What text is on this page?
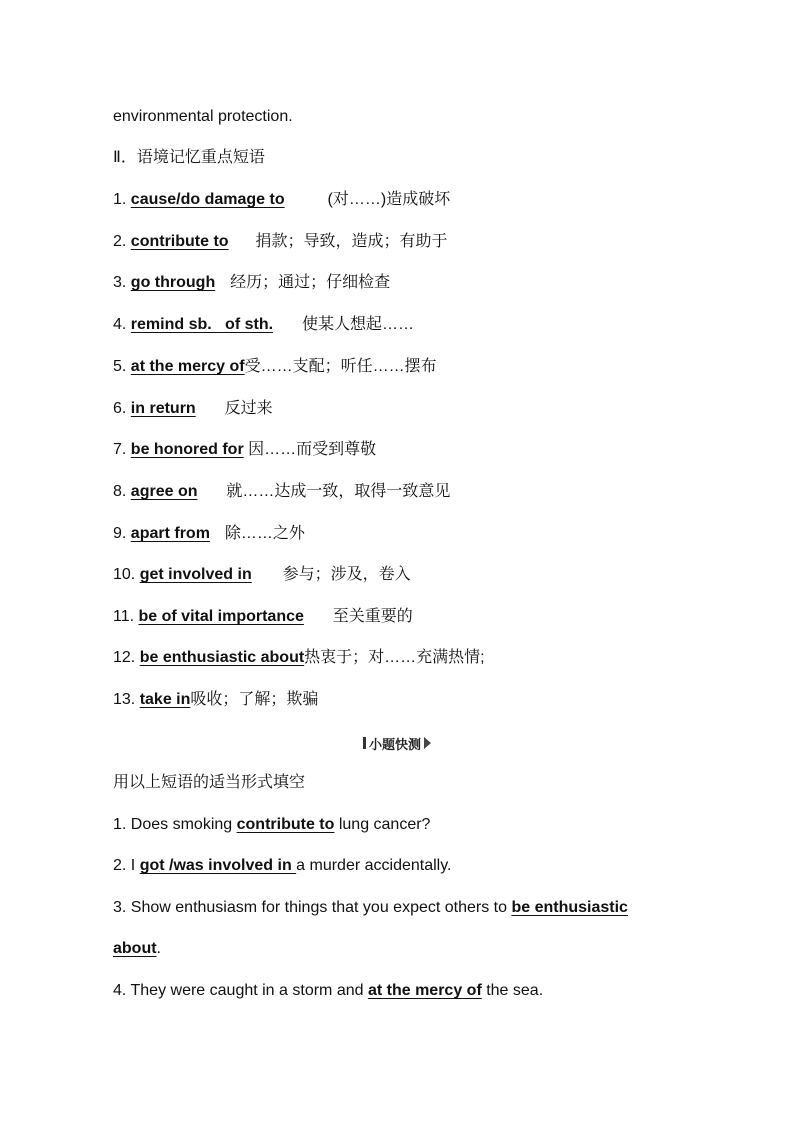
environmental protection.
Ⅱ．语境记忆重点短语
1. cause/do damage to	(对……)造成破坏
2. contribute to 捐款；导致，造成；有助于
3. go through 经历；通过；仔细检查
4. remind sb.   of sth. 使某人想起……
5. at the mercy of受……支配；听任……摆布
6. in return 反过来
7. be honored for 因……而受到尊敬
8. agree on 就……达成一致，取得一致意见
9. apart from 除……之外
10. get involved in 参与；涉及，卷入
11. be of vital importance 至关重要的
12. be enthusiastic about热衷于；对……充满热情;
13. take in吸收；了解；欺骗
小题快测
用以上短语的适当形式填空
1. Does smoking contribute to lung cancer?
2. I got /was involved in a murder accidentally.
3. Show enthusiasm for things that you expect others to be enthusiastic
about.
4. They were caught in a storm and at the mercy of the sea.
